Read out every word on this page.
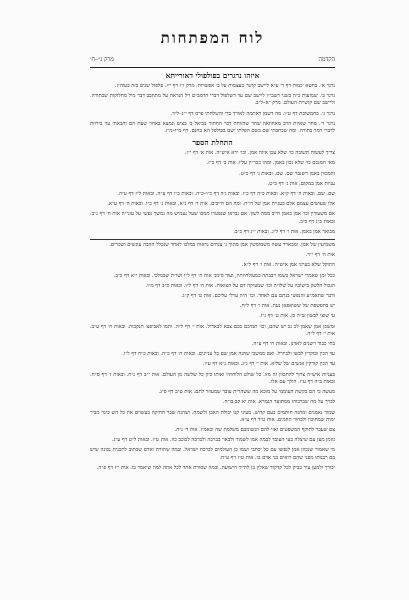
לוח המפתחות
הקדמה
מרק נ״–ח׳
איזהו נרגרים בפולפולי דאורייתא

נרגר א׳. בחטא ׳כמות דף ר׳ ע״א ליישב קושי׳ בעצמות על ב׳ אפשרות. מרק ז״ו דף י״ז. פלפול שנים בזה בעוה״ז.

נרגר ב׳. שמועות כ״ה בשני רשבי״ו ליישב שם עד דשלפול דברי הרמב״ם ויל הנראה על מתחבב דבר מיל מחלוקות שבתורה. וליישב שם קושיית העולם. מרק ״א–ל״ב.

נרגר ג׳. בחמשוכת דף ט״ו. מה דשמן דאתמה לאורך בדי והשלחתי פרס דף י״ג–ל״ד.

נרגר ד׳. מחר שאיות הרב מאחוזאה שחר שהזוחה דבר החתור בביאל ב׳ בצים ונמצא באחר שעת הם והבאתי עוי בירוזת לדברי דמר בתורה. ומה שכתבתי שם בשם הפלתי ישם בפולפל הא בחנם. דף מ״ו–מ״ז.

התחלת הספר

צריך לעשות תשובה כו׳ שלא עכן איזה אמן. וכו׳ ירא איש״ה. אות א׳ דף י״ז.

מאי המנכם כו׳ שלא נכון באמן. ומהו ככר״ין עליו. אות ב׳ דף כ״ז.

והמכוון באמן דשנבר שם. שם. ובאות ג׳ דף כ״ט.

עניות אמן במקום. אות ג׳ דף כ״ט.

שם. שם. ובאות ה׳ דף ק״א. ובאות כ״ה דף כ״ו. ובאות ג׳ה דף כ״ו–כ״ה. ובאות כ״ו דף ע״ה. ובאות ל״ז דף ע״ה.

אלו שעושים עצמם אלם בעניית אמן של דו״ח. ומה הם חייבים. אות ד׳ דף נ״א. ובאות ג׳ דף כ״ו. ובאות ה׳ דף ע״א.

אם משעורין וכו׳ אמן באמן חייב ממה לשון. אם נבראו שנפטרו ממכו שעל נעמיש מה נמשך נפשי על עוני״ה אות ח׳ דף נ״ב. ובאות כ״ג דף כ״ב.

מבואר אמן באמן. אות ו׳ דף ל״ג. ובאות י״ג דף כ״ב.

משמיעין של אמן. ומבארר עשה משמוסשין אמן מתוך ג׳ צנחים נראות במלכו לאחד שנכלל ההבה עונשים ושכרים.

אות ה׳ דף י״ד.

התוקל שלא בעייני אמן איש״ה. אות ו׳ דף ל״א.

ככל זמן שאמרי ישראל בשמו רבבתה במעולחיותיו, ועוד סימני אות ה׳ דף ל״ו ושו״ת שבמלכי. ובאות י״א דף כ״ב.

הנכול הלשון בישובה על שלו״ה וכו׳ שמעיקה דם על הצואות. אות ח׳ דף ל״ו. ובאות כ״ב דף מ״ו.

ודבר שתאמ״ע והנפשי בנתם עם לאחד. וכו׳ היה ערלי עליכם. אות ט׳ דף ק״ג.

יש בתפשפת של ששואפאן נעת. אות ו׳ דף ל״ח.

עי שוצי לבשון ש״ה כן. אות ט׳ דף נ״ו.

ומשכן אמן שאמן לכ נכ יש שהם, וכו׳ תמיכם ככם צבא לבאדיל. אות י׳ דף ל״ה. ותמו לאביפצ׳ תנקבות. ובאות ח׳ דף ע״ב. אות י׳ דף ל״ה.

בחי כבוד וישנים לאדנן. ובאות ח׳ דף ע״ה.

עד הכין ובוקרין לבשו ולביורל. ואם ממשכי שחנה אמן שם כל עניינים. ובאות ח׳ דף כ״ח. ובאות כ״ח דף ל״ו.

עד הכין קורקין אנשים של שליא. אות י׳ דף נ״ג. ובאות נ״א דף ע״ו.

בעניות איש״ה צרוך להתכוון זה מזו. כל שולט הלוחתיו ואותו כיון כל שלשה מן העולם. אות י״ב דף נ״ח. ובאות ז׳ דף ס״ח. ובאות ב״ה דף ע״ו. הולך עם אלו.

מעשה כי הם בקשת העוממי על מוכא מה ששהרית עובד שמעוזר לתם. אות ט״ב דף ס״ג.

לברך על מה שברכוהו ממתועד הגמרא. אות יא קב בו״ח.

שמוך נאמנים ומחנה חותמים בעם קדוש. מעיני קנו יכולת האבן ולשמח. ושהנה שבר החיקה בעשוים את כל הש כימי מביר ימות שמחוכון ולבחור החמים. אות ט״ד דף ע״א.

צם שעבר לתוקף המשפטים ואזי להם הנשומכם משלמת שה וכאמיו. אות ד׳ נ״ה.

גוזמן מען עם שיצלה בעי העובד לבמה אמן לשמור ולבאר בברכה ולברכה לכוכב כוו. אות ט״ו. ובאות ל״ט דף ע״ג.

מי שאמור שנכוון אמן לנפשו עם כל יכתבי ושמו כן העולמים לברכת ישראל. ובמה שתורת ואדם שכתוב לתכנית נכונה שיש בם רבנותו מפני שהם רואים בני אדם בו. אות ט״ז דף ע״ח.

יבורך ולמען עיר בביק לכל קדקוד שאלין בן לתייר הישועה. ובמה שסורת אחד לכל אתה למה שיאמר בו. אות י״ז דף פ״ה.
